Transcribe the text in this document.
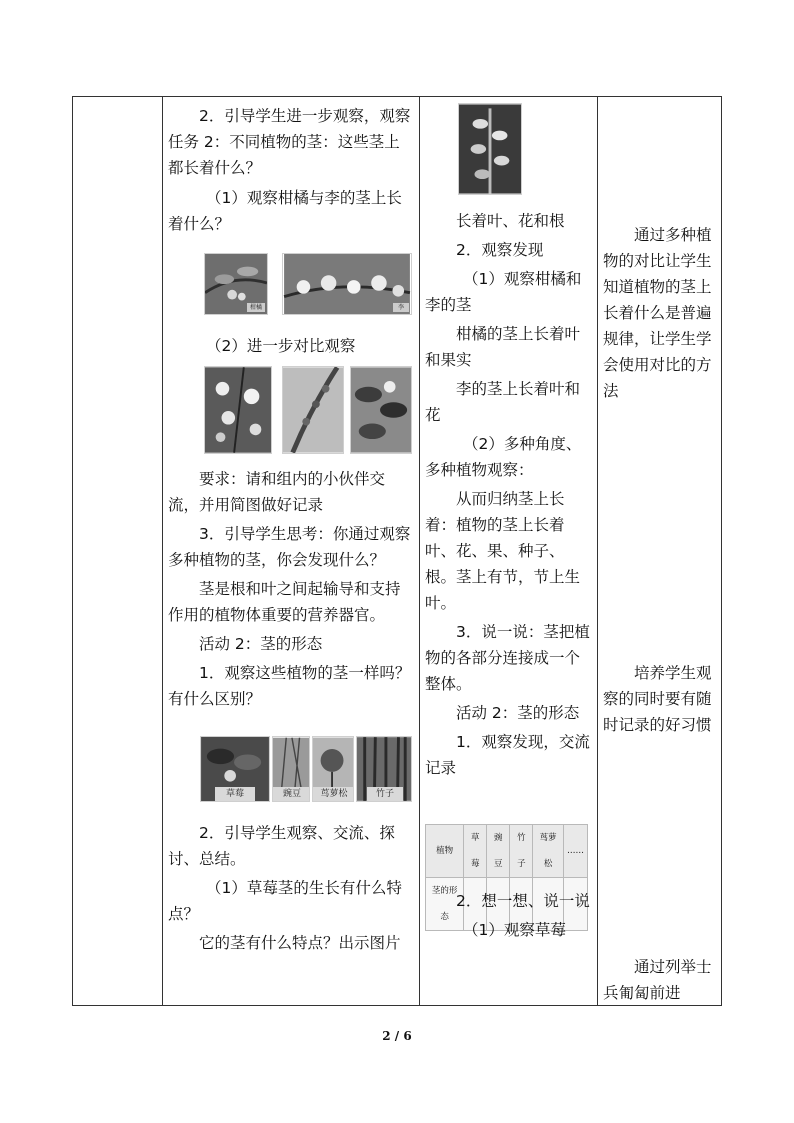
2．引导学生进一步观察，观察任务 2：不同植物的茎：这些茎上都长着什么？

（1）观察柑橘与李的茎上长着什么？

柑橘	李

（2）进一步对比观察

要求：请和组内的小伙伴交流，并用简图做好记录

3．引导学生思考：你通过观察多种植物的茎，你会发现什么？

茎是根和叶之间起输导和支持作用的植物体重要的营养器官。

活动 2：茎的形态

1．观察这些植物的茎一样吗？有什么区别？

草莓	豌豆	茑萝松	竹子

2．引导学生观察、交流、探讨、总结。

（1）草莓茎的生长有什么特点？

它的茎有什么特点？出示图片

长着叶、花和根

2．观察发现

（1）观察柑橘和李的茎

柑橘的茎上长着叶和果实

李的茎上长着叶和花

（2）多种角度、多种植物观察：

从而归纳茎上长着：植物的茎上长着叶、花、果、种子、根。茎上有节，节上生叶。

3．说一说：茎把植物的各部分连接成一个整体。

活动 2：茎的形态

1．观察发现，交流记录

植物	草莓	豌豆	竹子	茑萝松	……
茎的形态					

2．想一想、说一说

（1）观察草莓

通过多种植物的对比让学生知道植物的茎上长着什么是普遍规律，让学生学会使用对比的方法

培养学生观察的同时要有随时记录的好习惯

通过列举士兵匍匐前进

2 / 6
